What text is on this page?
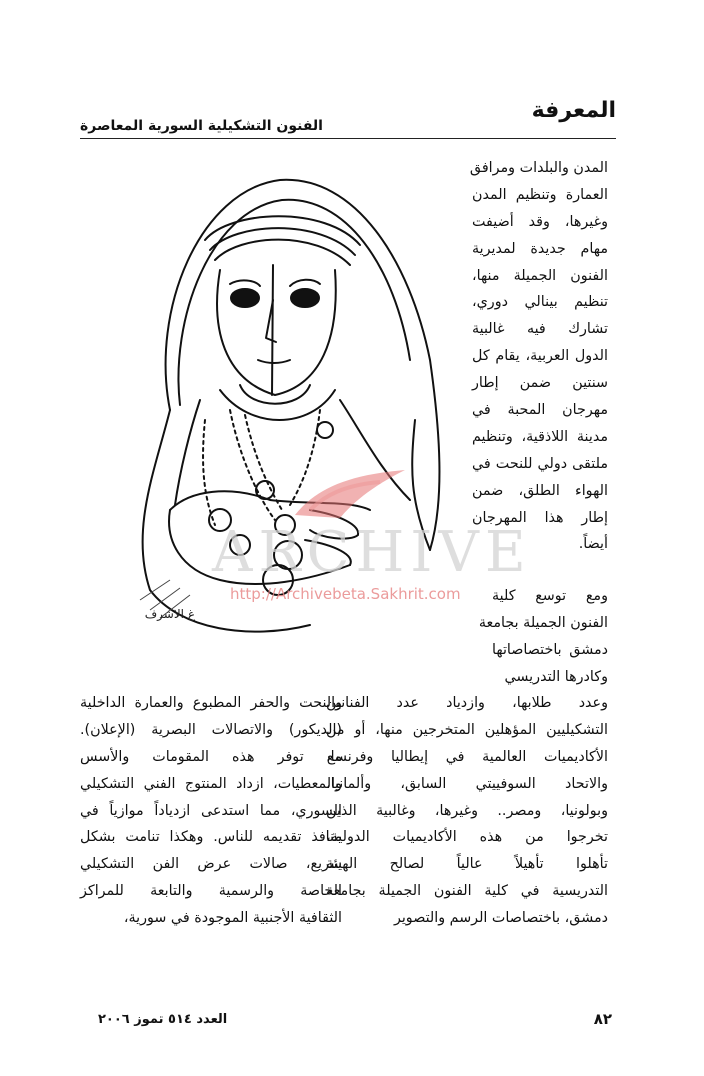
المعرفة
الفنون التشكيلية السورية المعاصرة
غ الاشرف
ARCHIVE
http://Archivebeta.Sakhrit.com
المدن والبلدات ومرافق
العمارة وتنظيم المدن
وغيرها، وقد أضيفت
مهام جديدة لمديرية
الفنون الجميلة منها،
تنظيم بينالي دوري،
تشارك فيه غالبية
الدول العربية، يقام كل
سنتين ضمن إطار
مهرجان المحبة في
مدينة اللاذقية، وتنظيم
ملتقى دولي للنحت في
الهواء الطلق، ضمن
إطار هذا المهرجان
أيضاً.
ومع توسع كلية
الفنون الجميلة بجامعة
دمشق باختصاصاتها
وكادرها التدريسي
وعدد طلابها، وازدياد عدد الفنانين
التشكيليين المؤهلين المتخرجين منها، أو من
الأكاديميات العالمية في إيطاليا وفرنسا،
والاتحاد السوفييتي السابق، وألمانيا،
وبولونيا، ومصر.. وغيرها، وغالبية الذين
تخرجوا من هذه الأكاديميات الدولية،
تأهلوا تأهيلاً عالياً لصالح الهيئة
التدريسية في كلية الفنون الجميلة بجامعة
دمشق، باختصاصات الرسم والتصوير
والنحت والحفر المطبوع والعمارة الداخلية
(الديكور) والاتصالات البصرية (الإعلان).
مع توفر هذه المقومات والأسس
والمعطيات، ازداد المنتوج الفني التشكيلي
السوري، مما استدعى ازدياداً موازياً في
منافذ تقديمه للناس. وهكذا تنامت بشكل
سريع، صالات عرض الفن التشكيلي
الخاصة والرسمية والتابعة للمراكز
الثقافية الأجنبية الموجودة في سورية،
العدد ٥١٤ تموز ٢٠٠٦	٨٢
